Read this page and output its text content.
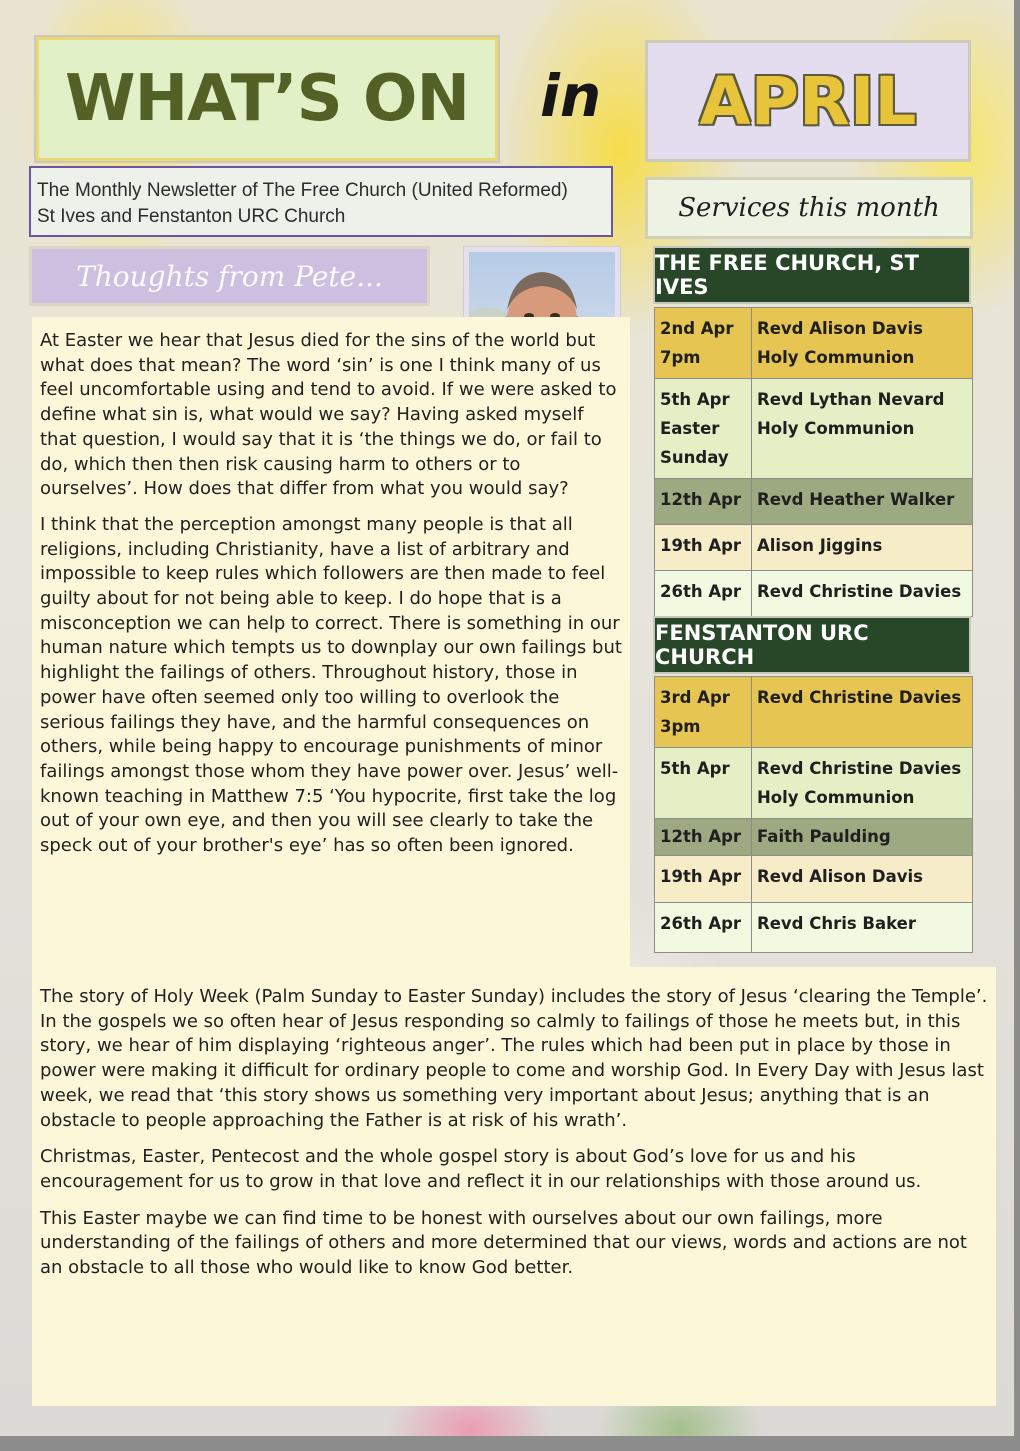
WHAT’S ON in APRIL
The Monthly Newsletter of The Free Church (United Reformed)
St Ives and Fenstanton URC Church	Services this month
Thoughts from Pete...

At Easter we hear that Jesus died for the sins of the world but what does that mean? The word ‘sin’ is one I think many of us feel uncomfortable using and tend to avoid. If we were asked to define what sin is, what would we say? Having asked myself that question, I would say that it is ‘the things we do, or fail to do, which then then risk causing harm to others or to ourselves’. How does that differ from what you would say?

I think that the perception amongst many people is that all religions, including Christianity, have a list of arbitrary and impossible to keep rules which followers are then made to feel guilty about for not being able to keep. I do hope that is a misconception we can help to correct. There is something in our human nature which tempts us to downplay our own failings but highlight the failings of others. Throughout history, those in power have often seemed only too willing to overlook the serious failings they have, and the harmful consequences on others, while being happy to encourage punishments of minor failings amongst those whom they have power over. Jesus’ well-known teaching in Matthew 7:5 ‘You hypocrite, first take the log out of your own eye, and then you will see clearly to take the speck out of your brother's eye’ has so often been ignored.

The story of Holy Week (Palm Sunday to Easter Sunday) includes the story of Jesus ‘clearing the Temple’. In the gospels we so often hear of Jesus responding so calmly to failings of those he meets but, in this story, we hear of him displaying ‘righteous anger’. The rules which had been put in place by those in power were making it difficult for ordinary people to come and worship God. In Every Day with Jesus last week, we read that ‘this story shows us something very important about Jesus; anything that is an obstacle to people approaching the Father is at risk of his wrath’.

Christmas, Easter, Pentecost and the whole gospel story is about God’s love for us and his encouragement for us to grow in that love and reflect it in our relationships with those around us.

This Easter maybe we can find time to be honest with ourselves about our own failings, more understanding of the failings of others and more determined that our views, words and actions are not an obstacle to all those who would like to know God better.

THE FREE CHURCH, ST IVES
2nd Apr
7pm	Revd Alison Davis
Holy Communion
5th Apr
Easter
Sunday	Revd Lythan Nevard
Holy Communion
12th Apr	Revd Heather Walker
19th Apr	Alison Jiggins
26th Apr	Revd Christine Davies
FENSTANTON URC CHURCH
3rd Apr
3pm	Revd Christine Davies
5th Apr	Revd Christine Davies
Holy Communion
12th Apr	Faith Paulding
19th Apr	Revd Alison Davis
26th Apr	Revd Chris Baker
